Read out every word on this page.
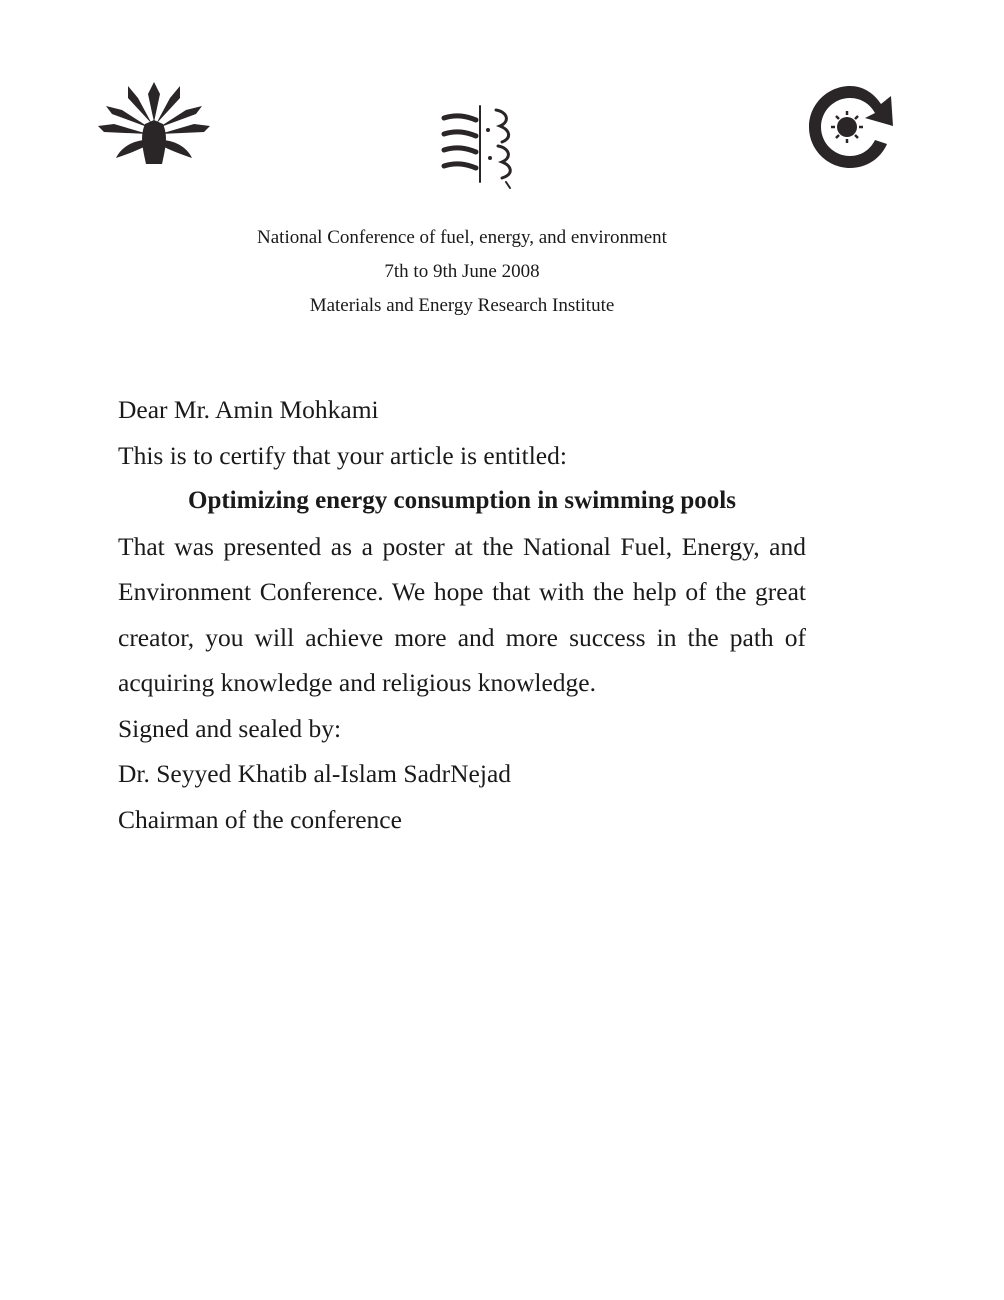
National Conference of fuel, energy, and environment
7th to 9th June 2008
Materials and Energy Research Institute
Dear Mr. Amin Mohkami
This is to certify that your article is entitled:
Optimizing energy consumption in swimming pools
That was presented as a poster at the National Fuel, Energy, and Environment Conference. We hope that with the help of the great creator, you will achieve more and more success in the path of acquiring knowledge and religious knowledge.
Signed and sealed by:
Dr. Seyyed Khatib al-Islam SadrNejad
Chairman of the conference
